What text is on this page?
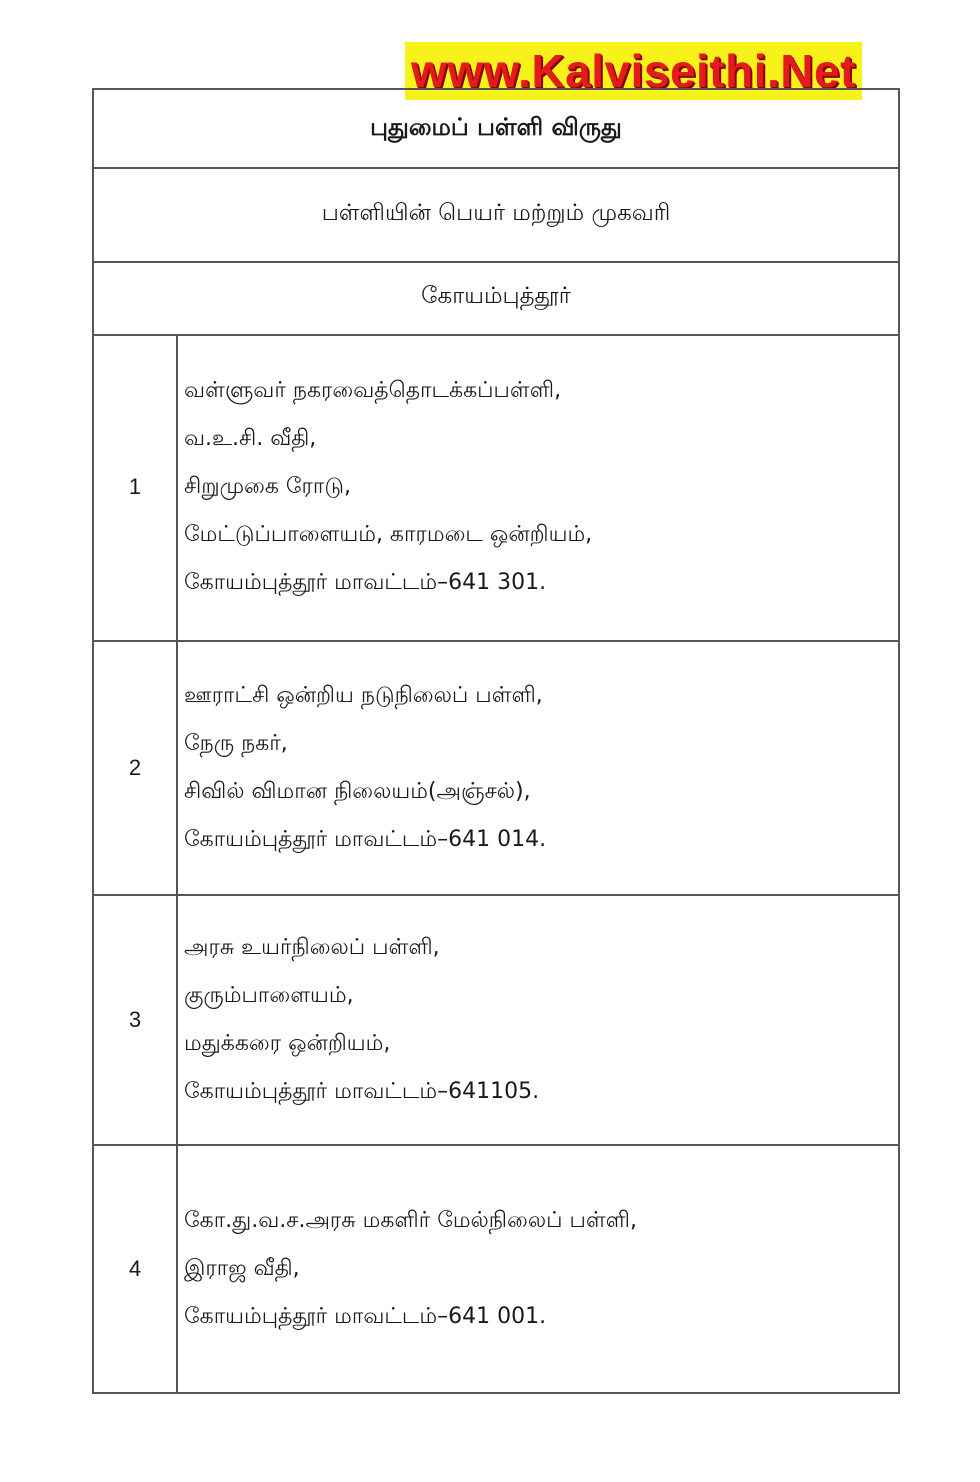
www.Kalviseithi.Net
புதுமைப் பள்ளி விருது
பள்ளியின் பெயர் மற்றும் முகவரி
கோயம்புத்தூர்
1
வள்ளுவர் நகரவைத்தொடக்கப்பள்ளி,
வ.உ.சி. வீதி,
சிறுமுகை ரோடு,
மேட்டுப்பாளையம், காரமடை ஒன்றியம்,
கோயம்புத்தூர் மாவட்டம்–641 301.
2
ஊராட்சி ஒன்றிய நடுநிலைப் பள்ளி,
நேரு நகர்,
சிவில் விமான நிலையம்(அஞ்சல்),
கோயம்புத்தூர் மாவட்டம்–641 014.
3
அரசு உயர்நிலைப் பள்ளி,
குரும்பாளையம்,
மதுக்கரை ஒன்றியம்,
கோயம்புத்தூர் மாவட்டம்–641105.
4
கோ.து.வ.ச.அரசு மகளிர் மேல்நிலைப் பள்ளி,
இராஜ வீதி,
கோயம்புத்தூர் மாவட்டம்–641 001.
